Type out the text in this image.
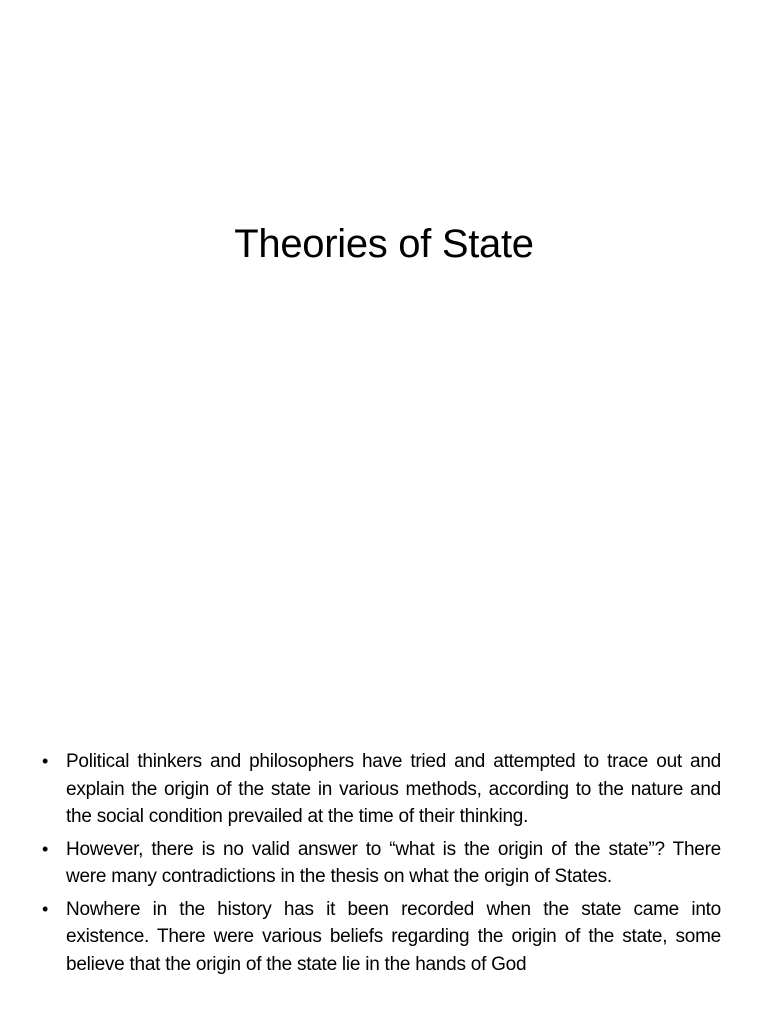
Theories of State
• Political thinkers and philosophers have tried and attempted to trace out and explain the origin of the state in various methods, according to the nature and the social condition prevailed at the time of their thinking.
• However, there is no valid answer to “what is the origin of the state”? There were many contradictions in the thesis on what the origin of States.
• Nowhere in the history has it been recorded when the state came into existence. There were various beliefs regarding the origin of the state, some believe that the origin of the state lie in the hands of God
